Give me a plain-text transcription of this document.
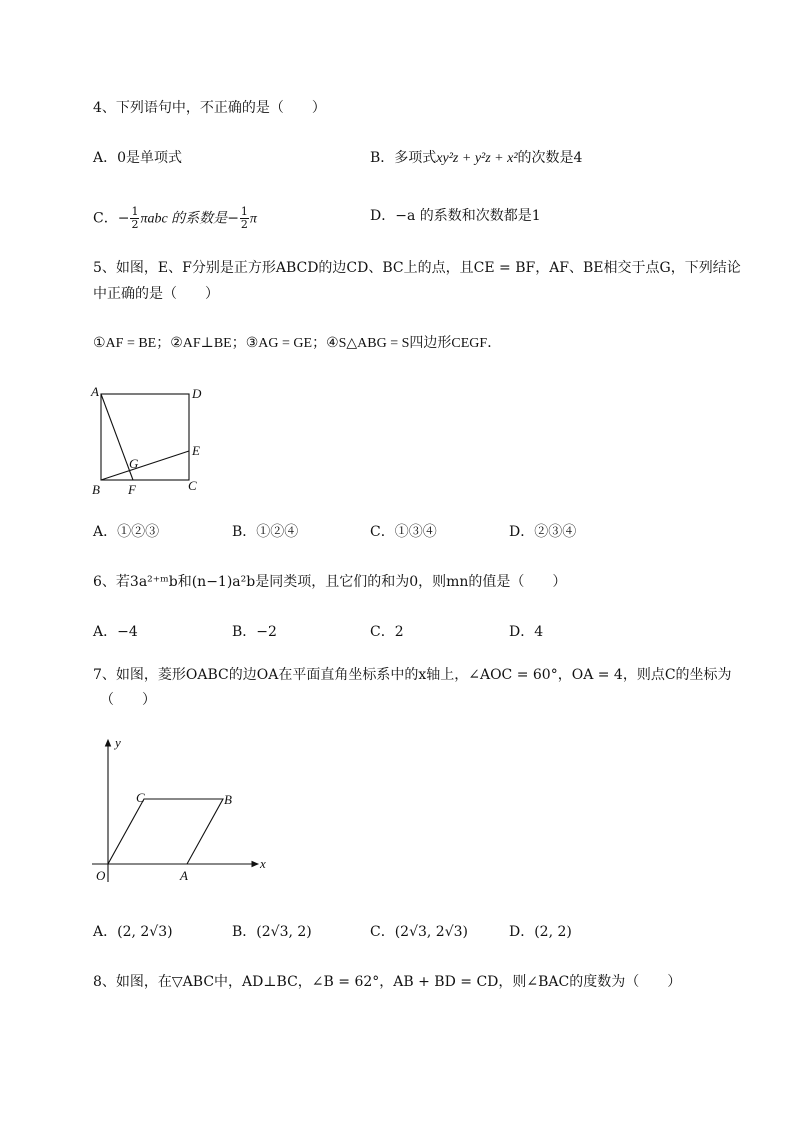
4、下列语句中，不正确的是（　　）
A．0是单项式	B．多项式xy²z + y²z + x²的次数是4
C．− $\frac{1}{2}$ πabc 的系数是− $\frac{1}{2}$ π	D．−a 的系数和次数都是1
5、如图，E、F分别是正方形ABCD的边CD、BC上的点，且CE = BF，AF、BE相交于点G，下列结论
中正确的是（　　）
①AF = BE；②AF⊥BE；③AG = GE；④S△ABG = S四边形CEGF．
A	D
B	C
E
F
G
A．①②③	B．①②④	C．①③④	D．②③④
6、若3a²⁺ᵐb和(n−1)a²b是同类项，且它们的和为0，则mn的值是（　　）
A．−4	B．−2	C．2	D．4
7、如图，菱形OABC的边OA在平面直角坐标系中的x轴上，∠AOC = 60°，OA = 4，则点C的坐标为
（　　）
y
x
O	A
B
C
A．(2, 2√3)	B．(2√3, 2)	C．(2√3, 2√3)	D．(2, 2)
8、如图，在▽ABC中，AD⊥BC，∠B = 62°，AB + BD = CD，则∠BAC的度数为（　　）
